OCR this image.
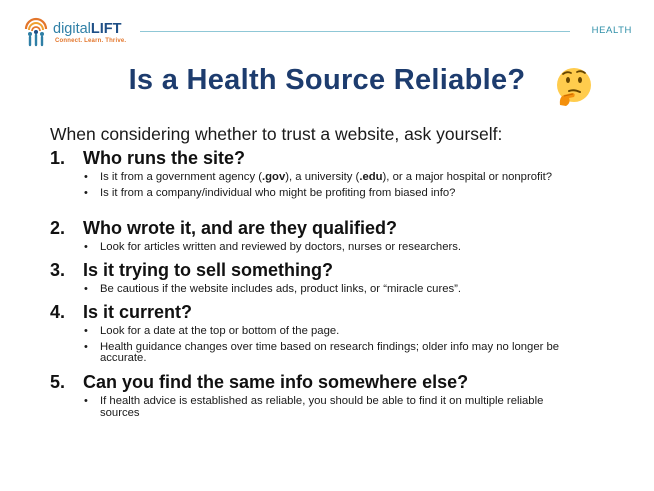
digitalLIFT
Connect. Learn. Thrive.
HEALTH
Is a Health Source Reliable?
When considering whether to trust a website, ask yourself:
1. Who runs the site?
• Is it from a government agency (.gov), a university (.edu), or a major hospital or nonprofit?
• Is it from a company/individual who might be profiting from biased info?
2. Who wrote it, and are they qualified?
• Look for articles written and reviewed by doctors, nurses or researchers.
3. Is it trying to sell something?
• Be cautious if the website includes ads, product links, or “miracle cures”.
4. Is it current?
• Look for a date at the top or bottom of the page.
• Health guidance changes over time based on research findings; older info may no longer be accurate.
5. Can you find the same info somewhere else?
• If health advice is established as reliable, you should be able to find it on multiple reliable sources
